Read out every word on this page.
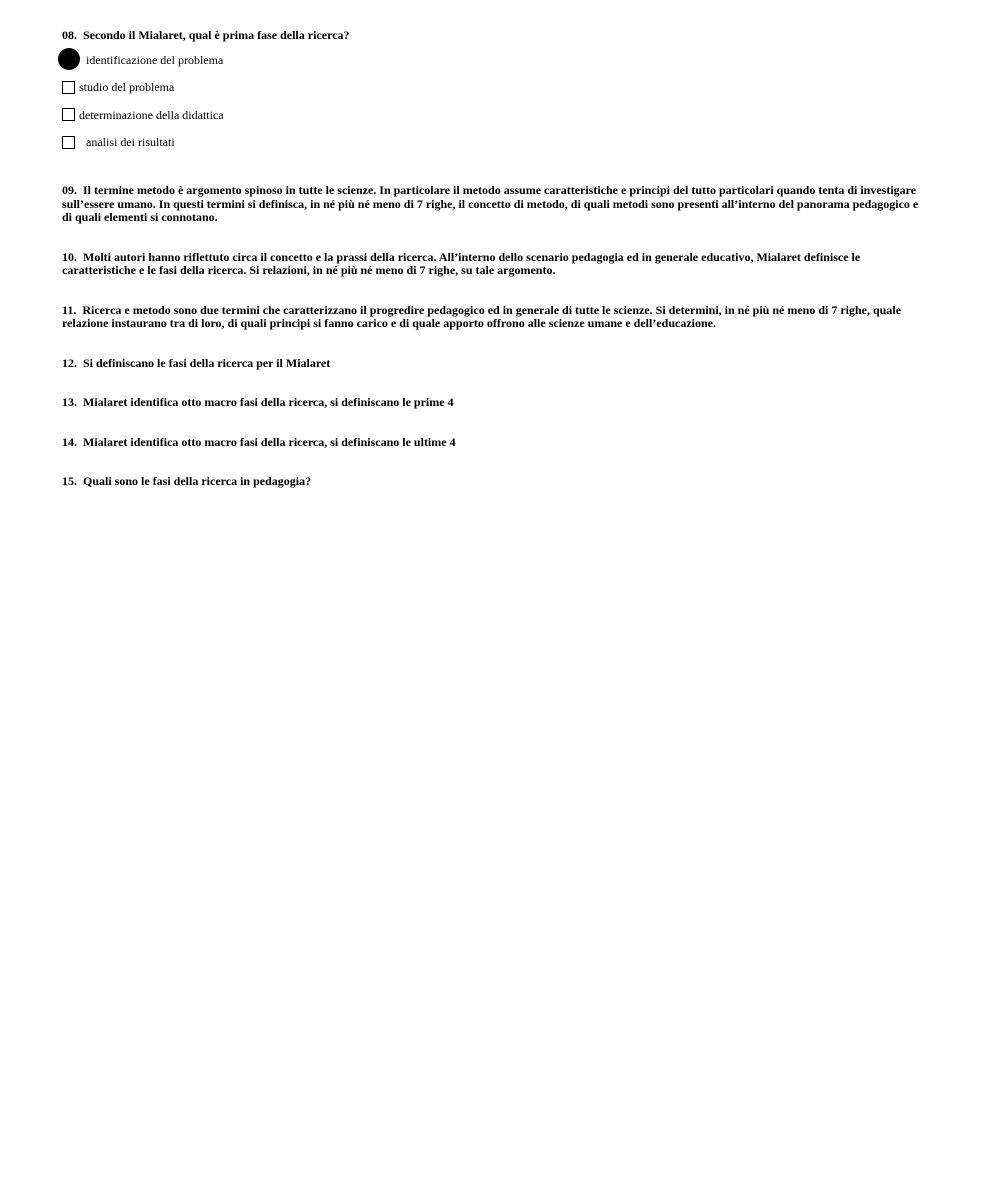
08. Secondo il Mialaret, qual è prima fase della ricerca?

identificazione del problema
studio del problema
determinazione della didattica
analisi dei risultati

09. Il termine metodo è argomento spinoso in tutte le scienze. In particolare il metodo assume caratteristiche e principi del tutto particolari quando tenta di investigare sull’essere umano. In questi termini si definisca, in né più né meno di 7 righe, il concetto di metodo, di quali metodi sono presenti all’interno del panorama pedagogico e di quali elementi si connotano.

10. Molti autori hanno riflettuto circa il concetto e la prassi della ricerca. All’interno dello scenario pedagogia ed in generale educativo, Mialaret definisce le caratteristiche e le fasi della ricerca. Si relazioni, in né più né meno di 7 righe, su tale argomento.

11. Ricerca e metodo sono due termini che caratterizzano il progredire pedagogico ed in generale di tutte le scienze. Si determini, in né più né meno di 7 righe, quale relazione instaurano tra di loro, di quali principi si fanno carico e di quale apporto offrono alle scienze umane e dell’educazione.

12. Si definiscano le fasi della ricerca per il Mialaret

13. Mialaret identifica otto macro fasi della ricerca, si definiscano le prime 4

14. Mialaret identifica otto macro fasi della ricerca, si definiscano le ultime 4

15. Quali sono le fasi della ricerca in pedagogia?
